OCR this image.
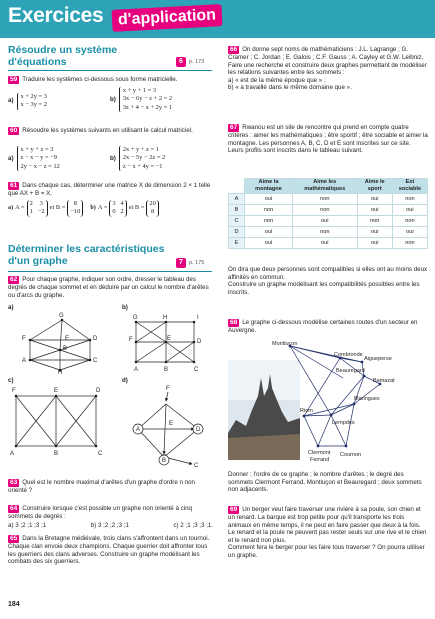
Exercices d'application
Résoudre un système
d'équations	6	p. 173
59 Traduire les systèmes ci-dessous sous forme matricielle.
a)
x + 2y = 3
x − 3y = 2
b)
x + y + 1 = 3
3x − 6y − z + 2 = 2
3z + 4 − x + 2y = 1
60 Résoudre les systèmes suivants en utilisant le calcul matriciel.
a)
x + y + z = 3
z − x − y = −9
2y − x − z = 12
b)
2x + y + z = 1
2x − 5y − 2z = 2
z − x + 4y = −1
61 Dans chaque cas, déterminer une matrice X de dimension 2 × 1 telle que AX + B = X.
a) A =
2 3
1 −2
et B =
8
−10
b) A =
3 4
0 2
et B =
20
8
Déterminer les caractéristiques
d'un graphe	7	p. 175
62 Pour chaque graphe, indiquer son ordre, dresser le tableau des degrés de chaque sommet et en déduire par un calcul le nombre d'arêtes ou d'arcs du graphe.
a)
G
F	E	D
B
A	C
H
b)
G	H	I
F	E	D
A	B	C
c)
F	E	D
A	B	C
d)
F
E
D
A
B
C
63 Quel est le nombre maximal d'arêtes d'un graphe d'ordre n non orienté ?
64 Construire lorsque c'est possible un graphe non orienté à cinq sommets de degrés :
a) 3 ;2 ;1 ;3 ;1	b) 3 ;2 ;2 ;3 ;1	c) 2 ;1 ;3 ;3 ;1.
65 Dans la Bretagne médiévale, trois clans s'affrontent dans un tournoi. Chaque clan envoie deux champions. Chaque guerrier doit affronter tous les guerriers des clans adverses. Construire un graphe modélisant les combats des six guerriers.
184
66 On donne sept noms de mathématiciens : J.L. Lagrange ; G. Cramer ; C. Jordan ; E. Galois ; C.F. Gauss ; A. Cayley et G.W. Leibniz. Faire une recherche et construire deux graphes permettant de modéliser les relations suivantes entre les sommets :
a) « est de la même époque que » ;
b) « a travaillé dans le même domaine que ».
67 Rwanou est un site de rencontre qui prend en compte quatre critères : aimer les mathématiques ; être sportif ; être sociable et aimer la montagne. Les personnes A, B, C, D et E sont inscrites sur ce site.
Leurs profils sont inscrits dans le tableau suivant.
	Aime la montagne	Aime les mathématiques	Aime le sport	Est sociable
A	oui	non	oui	non
B	non	non	oui	oui
C	non	oui	non	non
D	oui	non	oui	oui
E	oui	oui	oui	non
On dira que deux personnes sont compatibles si elles ont au moins deux affinités en commun.
Construire un graphe modélisant les compatibilités possibles entre les inscrits.
68 Le graphe ci-dessous modélise certaines routes d'un secteur en Auvergne.
Montluçon
Combronde
Aigueperse
Beauregard
Bamazat
Riom
Maringues
Lempdes
Clermont
Ferrand
Cournon
Donner : l'ordre de ce graphe ; le nombre d'arêtes ; le degré des sommets Clermont Ferrand, Montluçon et Beauregard ; deux sommets non adjacents.
69 Un berger veut faire traverser une rivière à sa poule, son chien et un renard. La barque est trop petite pour qu'il transporte les trois animaux en même temps, il ne peut en faire passer que deux à la fois.
Le renard et la poule ne peuvent pas rester seuls sur une rive et le chien et le renard non plus.
Comment fera le berger pour les faire tous traverser ? On pourra utiliser un graphe.
